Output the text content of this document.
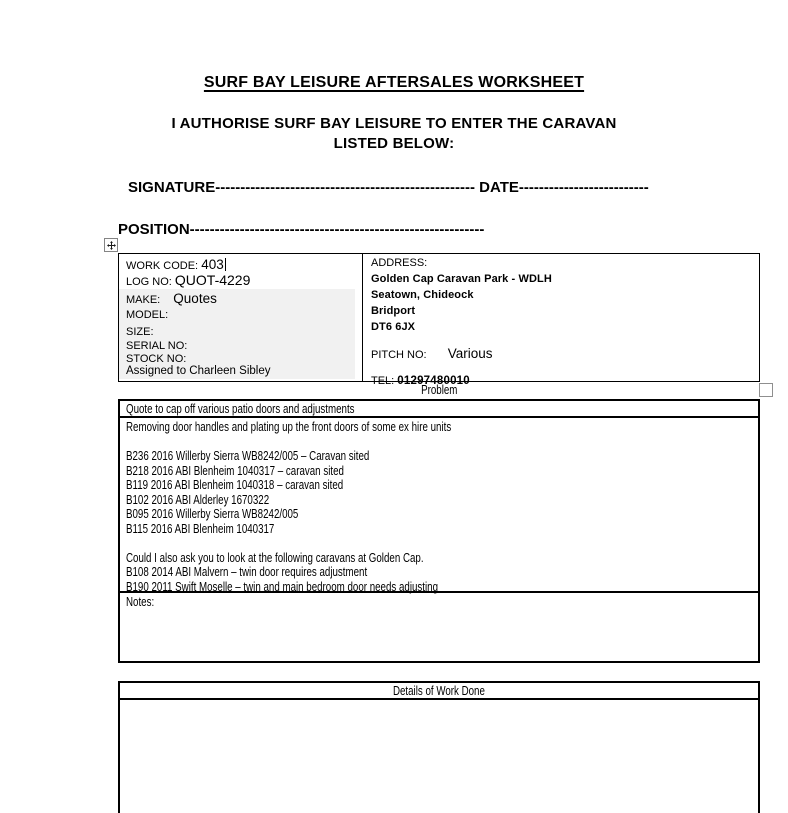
SURF BAY LEISURE AFTERSALES WORKSHEET
I AUTHORISE SURF BAY LEISURE TO ENTER THE CARAVAN
LISTED BELOW:
SIGNATURE---------------------------------------------------- DATE--------------------------
POSITION-----------------------------------------------------------
WORK CODE: 403
LOG NO: QUOT-4229
MAKE: Quotes
MODEL:
SIZE:
SERIAL NO:
STOCK NO:
Assigned to Charleen Sibley
ADDRESS:
Golden Cap Caravan Park - WDLH
Seatown, Chideock
Bridport
DT6 6JX
PITCH NO: Various
TEL: 01297480010
Problem
Quote to cap off various patio doors and adjustments
Removing door handles and plating up the front doors of some ex hire units

B236 2016 Willerby Sierra WB8242/005 – Caravan sited
B218 2016 ABI Blenheim 1040317 – caravan sited
B119 2016 ABI Blenheim 1040318 – caravan sited
B102 2016 ABI Alderley 1670322
B095 2016 Willerby Sierra WB8242/005
B115 2016 ABI Blenheim 1040317

Could I also ask you to look at the following caravans at Golden Cap.
B108 2014 ABI Malvern – twin door requires adjustment
B190 2011 Swift Moselle – twin and main bedroom door needs adjusting
Notes:
Details of Work Done
